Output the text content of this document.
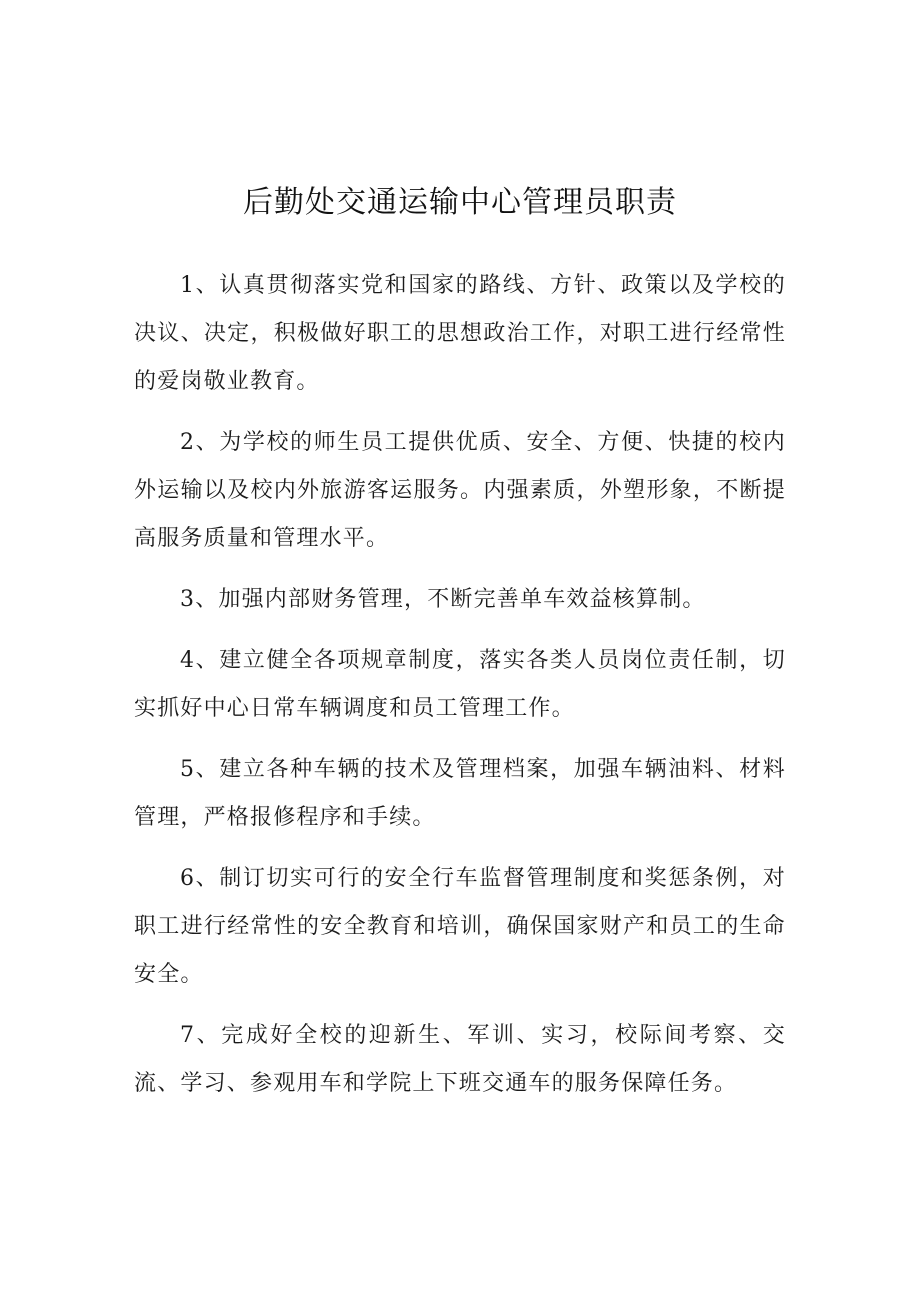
后勤处交通运输中心管理员职责

1、认真贯彻落实党和国家的路线、方针、政策以及学校的决议、决定，积极做好职工的思想政治工作，对职工进行经常性的爱岗敬业教育。

2、为学校的师生员工提供优质、安全、方便、快捷的校内外运输以及校内外旅游客运服务。内强素质，外塑形象，不断提高服务质量和管理水平。

3、加强内部财务管理，不断完善单车效益核算制。

4、建立健全各项规章制度，落实各类人员岗位责任制，切实抓好中心日常车辆调度和员工管理工作。

5、建立各种车辆的技术及管理档案，加强车辆油料、材料管理，严格报修程序和手续。

6、制订切实可行的安全行车监督管理制度和奖惩条例，对职工进行经常性的安全教育和培训，确保国家财产和员工的生命安全。

7、完成好全校的迎新生、军训、实习，校际间考察、交流、学习、参观用车和学院上下班交通车的服务保障任务。
